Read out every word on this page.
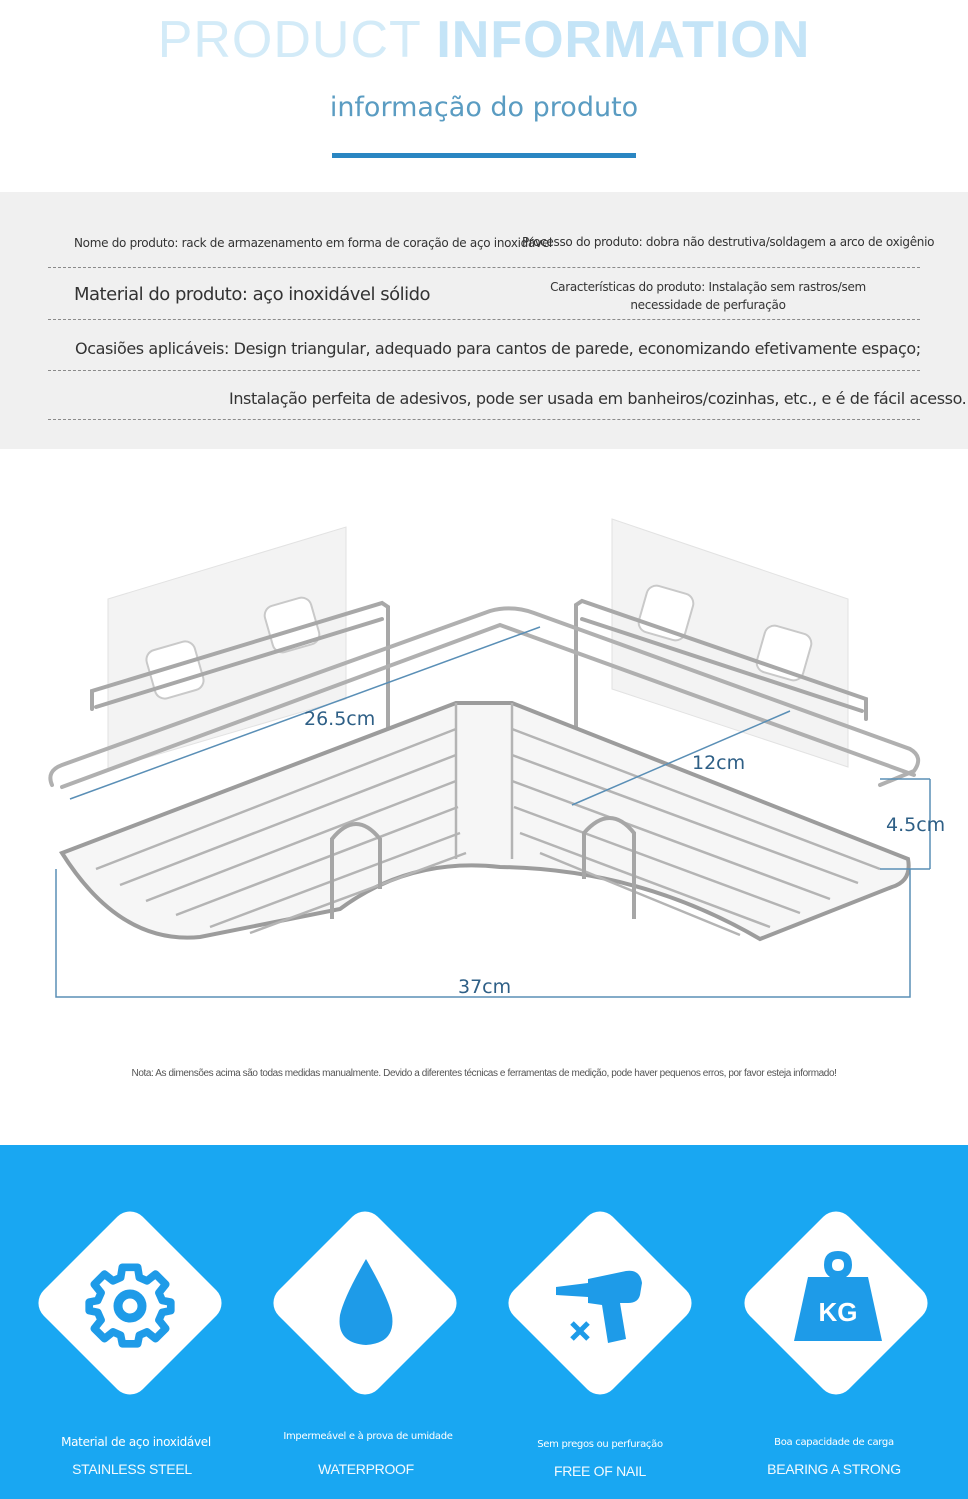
PRODUCT INFORMATION
informação do produto
Nome do produto: rack de armazenamento em forma de coração de aço inoxidável
Processo do produto: dobra não destrutiva/soldagem a arco de oxigênio
Material do produto: aço inoxidável sólido	Características do produto: Instalação sem rastros/sem necessidade de perfuração
Ocasiões aplicáveis: Design triangular, adequado para cantos de parede, economizando efetivamente espaço;
Instalação perfeita de adesivos, pode ser usada em banheiros/cozinhas, etc., e é de fácil acesso.
26.5cm
12cm
4.5cm
37cm
Nota: As dimensões acima são todas medidas manualmente. Devido a diferentes técnicas e ferramentas de medição, pode haver pequenos erros, por favor esteja informado!
Material de aço inoxidável
STAINLESS STEEL
Impermeável e à prova de umidade
WATERPROOF
Sem pregos ou perfuração
FREE OF NAIL
KG
Boa capacidade de carga
BEARING A STRONG
